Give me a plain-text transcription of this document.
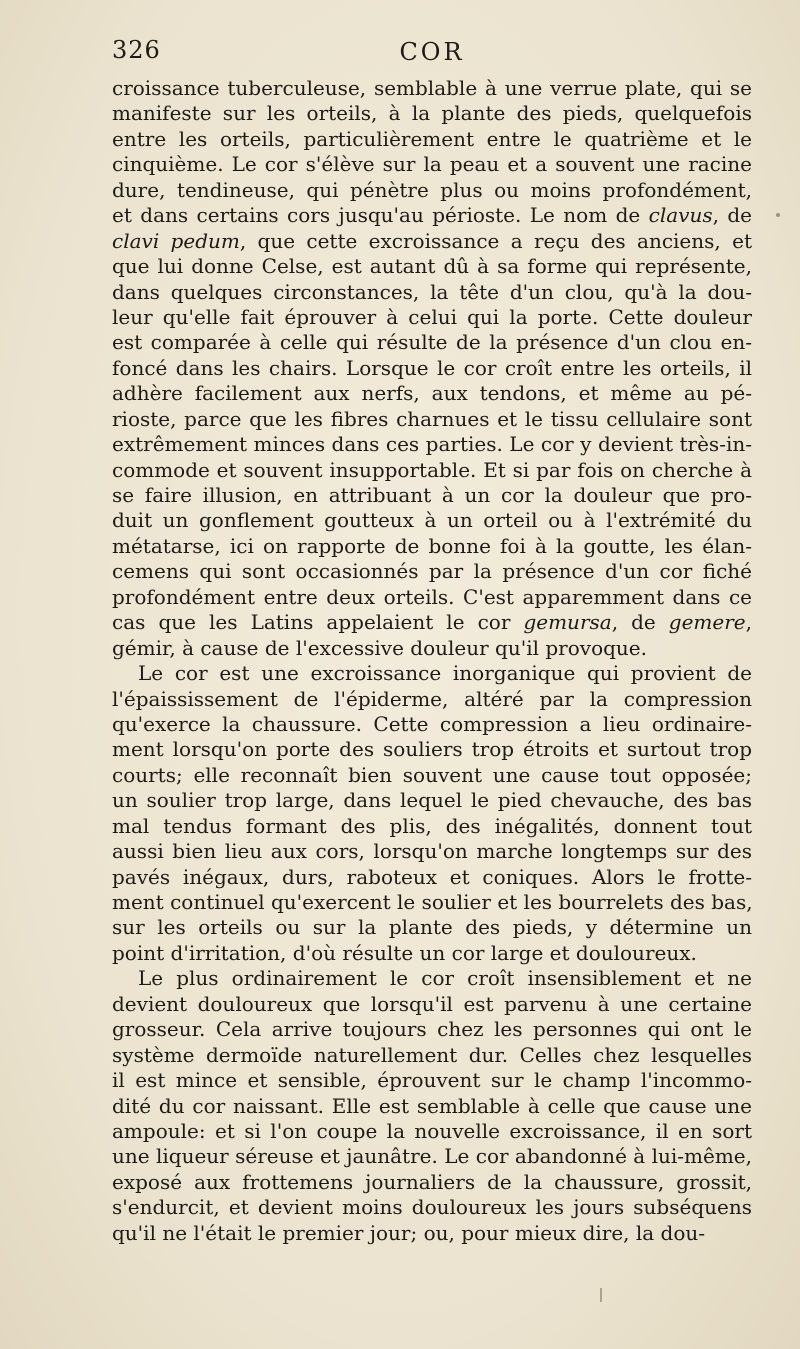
326	COR
croissance tuberculeuse, semblable à une verrue plate, qui se
manifeste sur les orteils, à la plante des pieds, quelquefois
entre les orteils, particulièrement entre le quatrième et le
cinquième. Le cor s'élève sur la peau et a souvent une racine
dure, tendineuse, qui pénètre plus ou moins profondément,
et dans certains cors jusqu'au périoste. Le nom de clavus, de
clavi pedum, que cette excroissance a reçu des anciens, et
que lui donne Celse, est autant dû à sa forme qui représente,
dans quelques circonstances, la tête d'un clou, qu'à la dou-
leur qu'elle fait éprouver à celui qui la porte. Cette douleur
est comparée à celle qui résulte de la présence d'un clou en-
foncé dans les chairs. Lorsque le cor croît entre les orteils, il
adhère facilement aux nerfs, aux tendons, et même au pé-
rioste, parce que les fibres charnues et le tissu cellulaire sont
extrêmement minces dans ces parties. Le cor y devient très-in-
commode et souvent insupportable. Et si par fois on cherche à
se faire illusion, en attribuant à un cor la douleur que pro-
duit un gonflement goutteux à un orteil ou à l'extrémité du
métatarse, ici on rapporte de bonne foi à la goutte, les élan-
cemens qui sont occasionnés par la présence d'un cor fiché
profondément entre deux orteils. C'est apparemment dans ce
cas que les Latins appelaient le cor gemursa, de gemere,
gémir, à cause de l'excessive douleur qu'il provoque.
Le cor est une excroissance inorganique qui provient de
l'épaississement de l'épiderme, altéré par la compression
qu'exerce la chaussure. Cette compression a lieu ordinaire-
ment lorsqu'on porte des souliers trop étroits et surtout trop
courts; elle reconnaît bien souvent une cause tout opposée;
un soulier trop large, dans lequel le pied chevauche, des bas
mal tendus formant des plis, des inégalités, donnent tout
aussi bien lieu aux cors, lorsqu'on marche longtemps sur des
pavés inégaux, durs, raboteux et coniques. Alors le frotte-
ment continuel qu'exercent le soulier et les bourrelets des bas,
sur les orteils ou sur la plante des pieds, y détermine un
point d'irritation, d'où résulte un cor large et douloureux.
Le plus ordinairement le cor croît insensiblement et ne
devient douloureux que lorsqu'il est parvenu à une certaine
grosseur. Cela arrive toujours chez les personnes qui ont le
système dermoïde naturellement dur. Celles chez lesquelles
il est mince et sensible, éprouvent sur le champ l'incommo-
dité du cor naissant. Elle est semblable à celle que cause une
ampoule: et si l'on coupe la nouvelle excroissance, il en sort
une liqueur séreuse et jaunâtre. Le cor abandonné à lui-même,
exposé aux frottemens journaliers de la chaussure, grossit,
s'endurcit, et devient moins douloureux les jours subséquens
qu'il ne l'était le premier jour; ou, pour mieux dire, la dou-
